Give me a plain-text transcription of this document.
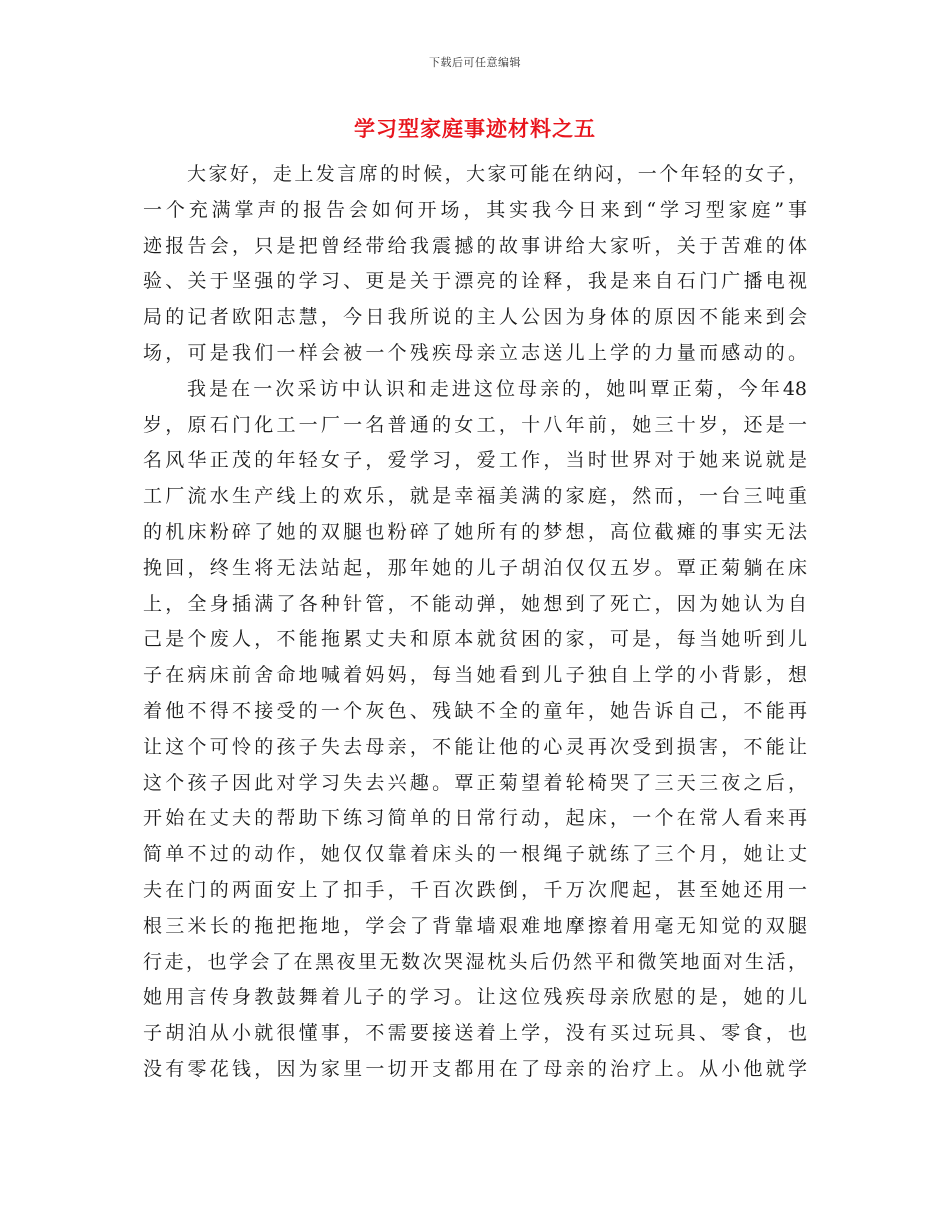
下载后可任意编辑
学习型家庭事迹材料之五
大家好，走上发言席的时候，大家可能在纳闷，一个年轻的女子，
一个充满掌声的报告会如何开场，其实我今日来到“学习型家庭”事
迹报告会，只是把曾经带给我震撼的故事讲给大家听，关于苦难的体
验、关于坚强的学习、更是关于漂亮的诠释，我是来自石门广播电视
局的记者欧阳志慧，今日我所说的主人公因为身体的原因不能来到会
场，可是我们一样会被一个残疾母亲立志送儿上学的力量而感动的。
我是在一次采访中认识和走进这位母亲的，她叫覃正菊，今年48
岁，原石门化工一厂一名普通的女工，十八年前，她三十岁，还是一
名风华正茂的年轻女子，爱学习，爱工作，当时世界对于她来说就是
工厂流水生产线上的欢乐，就是幸福美满的家庭，然而，一台三吨重
的机床粉碎了她的双腿也粉碎了她所有的梦想，高位截瘫的事实无法
挽回，终生将无法站起，那年她的儿子胡泊仅仅五岁。覃正菊躺在床
上，全身插满了各种针管，不能动弹，她想到了死亡，因为她认为自
己是个废人，不能拖累丈夫和原本就贫困的家，可是，每当她听到儿
子在病床前舍命地喊着妈妈，每当她看到儿子独自上学的小背影，想
着他不得不接受的一个灰色、残缺不全的童年，她告诉自己，不能再
让这个可怜的孩子失去母亲，不能让他的心灵再次受到损害，不能让
这个孩子因此对学习失去兴趣。覃正菊望着轮椅哭了三天三夜之后，
开始在丈夫的帮助下练习简单的日常行动，起床，一个在常人看来再
简单不过的动作，她仅仅靠着床头的一根绳子就练了三个月，她让丈
夫在门的两面安上了扣手，千百次跌倒，千万次爬起，甚至她还用一
根三米长的拖把拖地，学会了背靠墙艰难地摩擦着用毫无知觉的双腿
行走，也学会了在黑夜里无数次哭湿枕头后仍然平和微笑地面对生活，
她用言传身教鼓舞着儿子的学习。让这位残疾母亲欣慰的是，她的儿
子胡泊从小就很懂事，不需要接送着上学，没有买过玩具、零食，也
没有零花钱，因为家里一切开支都用在了母亲的治疗上。从小他就学
